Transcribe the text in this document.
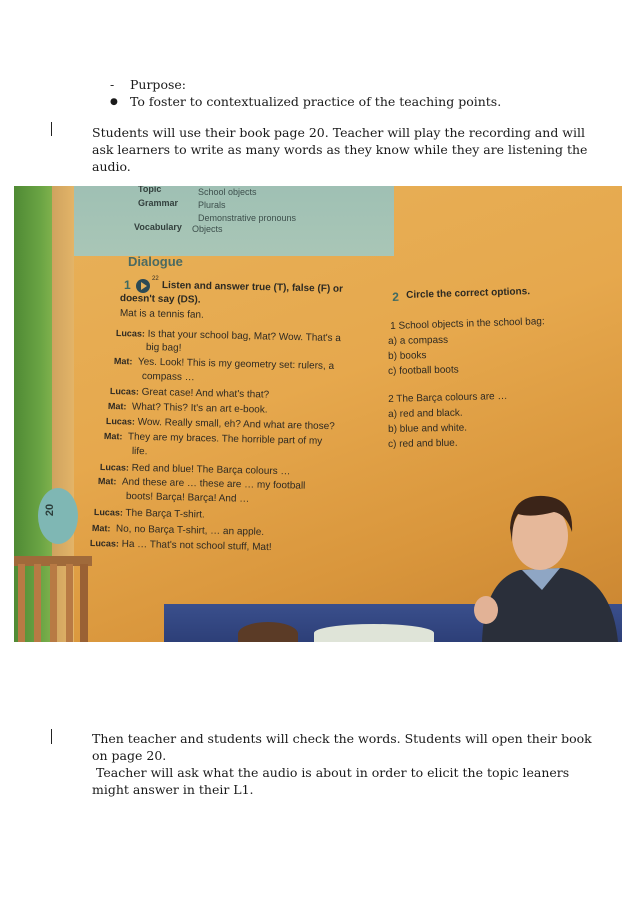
- Purpose:
● To foster to contextualized practice of the teaching points.
Students will use their book page 20. Teacher will play the recording and will
ask learners to write as many words as they know while they are listening the
audio.
20
Topic	School objects
Grammar Plurals
Demonstrative pronouns
Vocabulary Objects
Dialogue
1	22
Listen and answer true (T), false (F) or
doesn't say (DS).
Mat is a tennis fan.
Lucas: Is that your school bag, Mat? Wow. That's a
big bag!
Mat: Yes. Look! This is my geometry set: rulers, a
compass …
Lucas: Great case! And what's that?
Mat: What? This? It's an art e-book.
Lucas: Wow. Really small, eh? And what are those?
Mat: They are my braces. The horrible part of my
life.
Lucas: Red and blue! The Barça colours …
Mat: And these are … these are … my football
boots! Barça! Barça! And …
Lucas: The Barça T-shirt.
Mat: No, no Barça T-shirt, … an apple.
Lucas: Ha … That's not school stuff, Mat!
2 Circle the correct options.
1 School objects in the school bag:
a) a compass
b) books
c) football boots
2 The Barça colours are …
a) red and black.
b) blue and white.
c) red and blue.
Then teacher and students will check the words. Students will open their book
on page 20.
Teacher will ask what the audio is about in order to elicit the topic leaners
might answer in their L1.
